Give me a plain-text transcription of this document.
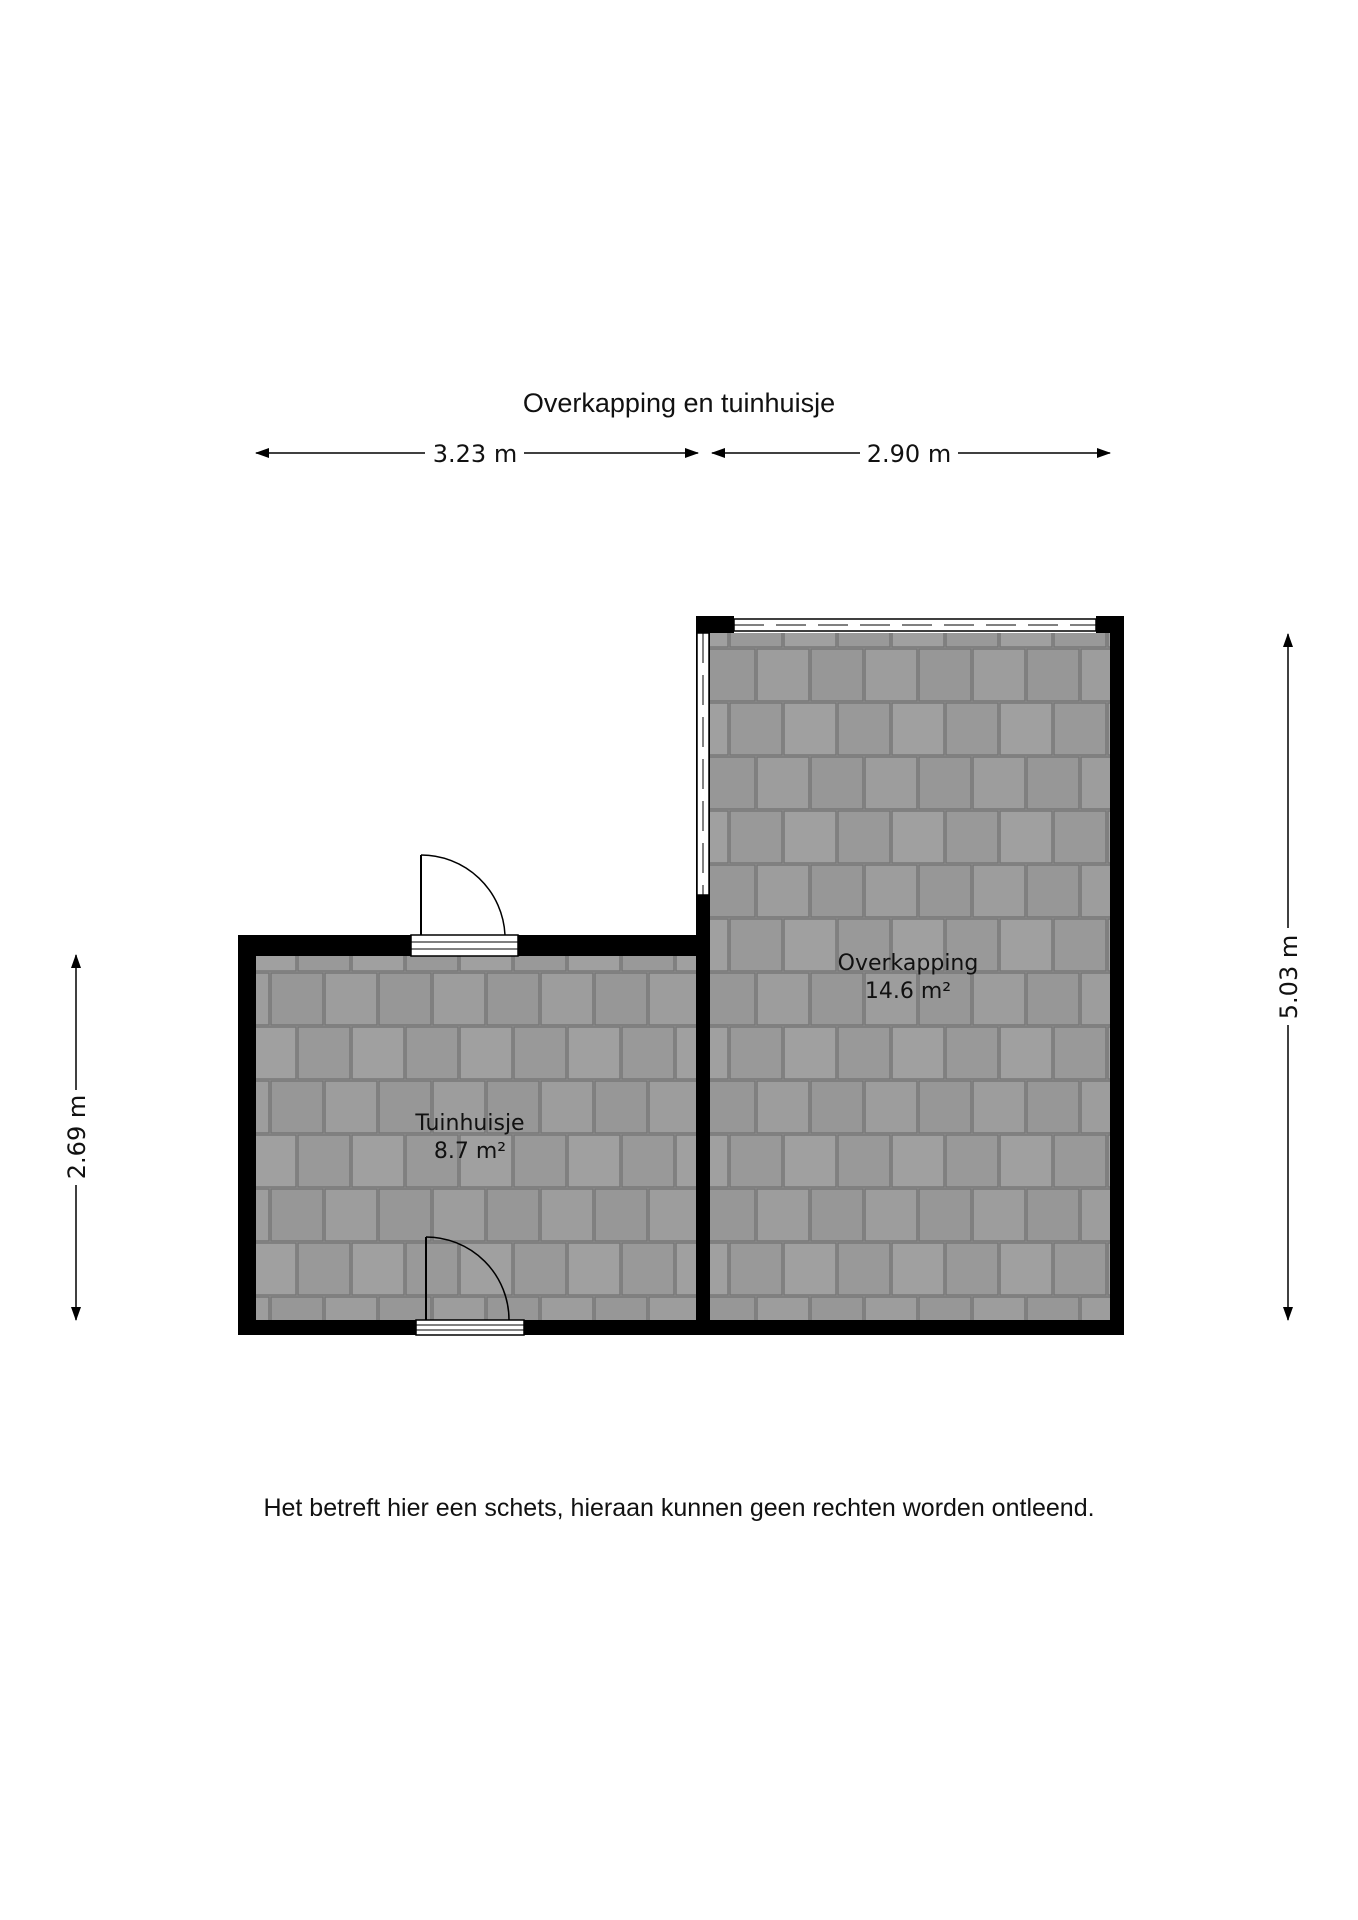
Overkapping en tuinhuisje
Tuinhuisje
8.7 m²
Overkapping
14.6 m²
3.23 m	2.90 m
2.69 m
5.03 m
Het betreft hier een schets, hieraan kunnen geen rechten worden ontleend.
